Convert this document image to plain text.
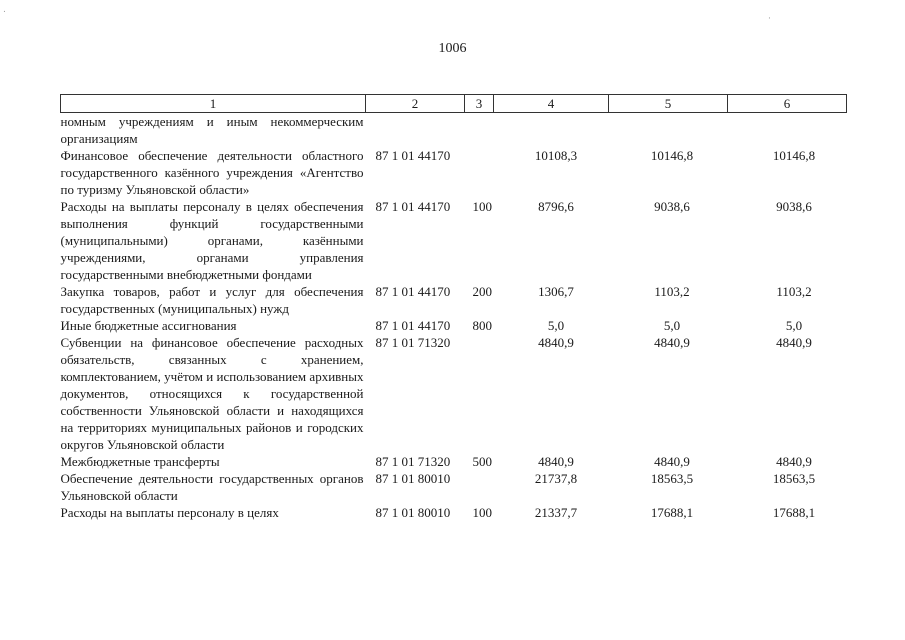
1006
.
·
1	2	3	4	5	6
номным учреждениям и иным некоммерческим организациям					
Финансовое обеспечение деятельности областного государственного казённого учреждения «Агентство по туризму Ульяновской области»	87 1 01 44170		10108,3	10146,8	10146,8
Расходы на выплаты персоналу в целях обеспечения выполнения функций государственными (муниципальными) органами, казёнными учреждениями, органами управления государственными внебюджетными фондами	87 1 01 44170	100	8796,6	9038,6	9038,6
Закупка товаров, работ и услуг для обеспечения государственных (муниципальных) нужд	87 1 01 44170	200	1306,7	1103,2	1103,2
Иные бюджетные ассигнования	87 1 01 44170	800	5,0	5,0	5,0
Субвенции на финансовое обеспечение расходных обязательств, связанных с хранением, комплектованием, учётом и использованием архивных документов, относящихся к государственной собственности Ульяновской области и находящихся на территориях муниципальных районов и городских округов Ульяновской области	87 1 01 71320		4840,9	4840,9	4840,9
Межбюджетные трансферты	87 1 01 71320	500	4840,9	4840,9	4840,9
Обеспечение деятельности государственных органов Ульяновской области	87 1 01 80010		21737,8	18563,5	18563,5
Расходы на выплаты персоналу в целях	87 1 01 80010	100	21337,7	17688,1	17688,1
